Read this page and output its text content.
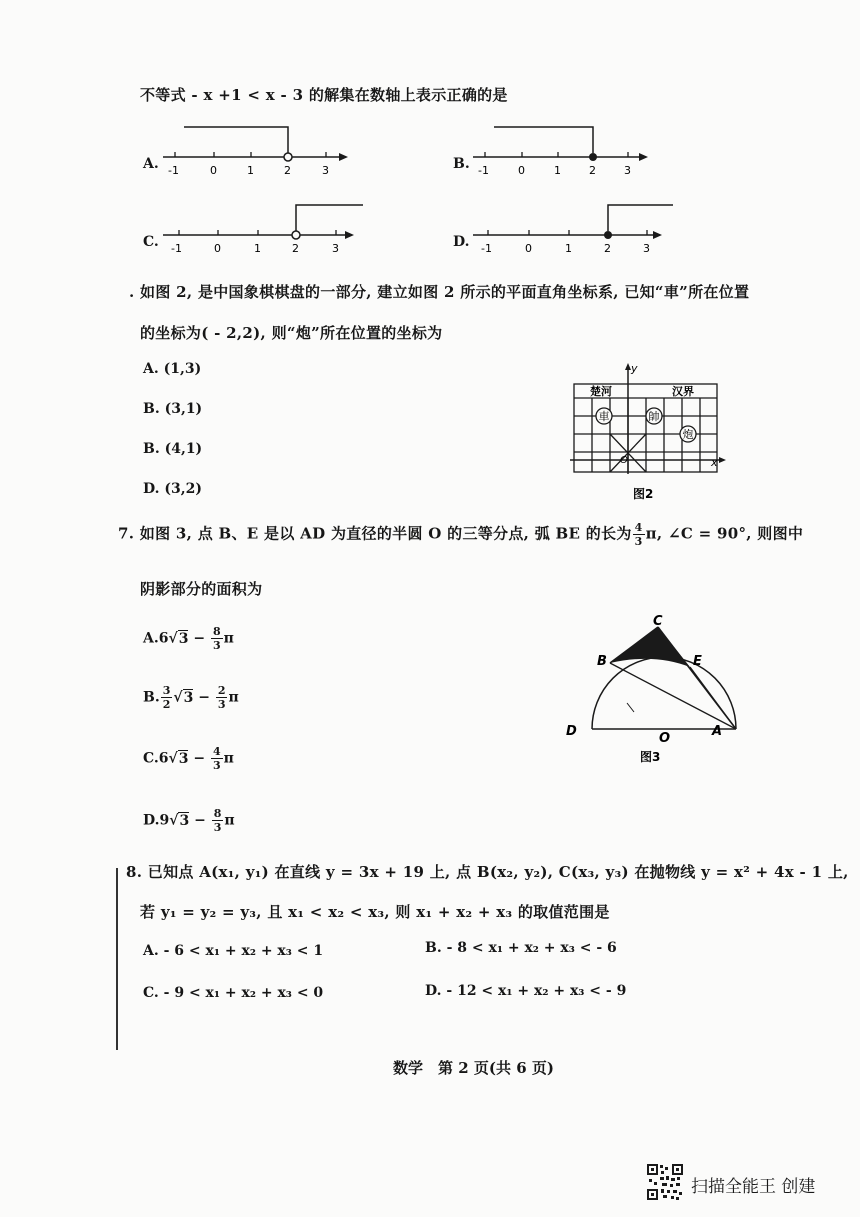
不等式 - x +1 < x - 3 的解集在数轴上表示正确的是
A. -1	0	1	2	3	B. -1	0	1	2	3
C. -1	0	1	2	3	D. -1	0	1	2	3
. 如图 2, 是中国象棋棋盘的一部分, 建立如图 2 所示的平面直角坐标系, 已知“車”所在位置
的坐标为( - 2,2), 则“炮”所在位置的坐标为
A. (1,3)
B. (3,1)
B. (4,1)
D. (3,2)
y
x
O
楚河	汉界
車	帥
炮
图2
7. 如图 3, 点 B、E 是以 AD 为直径的半圆 O 的三等分点, 弧 BE 的长为 $\frac{4}{3} \pi$, ∠C = 90°, 则图中
阴影部分的面积为
$A.6√3 - \frac{8}{3}$ π
B. $\frac{3}{2} √3 - \frac{2}{3}$ π
$C.6√3 - \frac{4}{3}$ π
$D.9√3 - \frac{8}{3}$ π
C
B	E
D	O	A
图3
8. 已知点 A(x₁, y₁) 在直线 y = 3x + 19 上, 点 B(x₂, y₂), C(x₃, y₃) 在抛物线 y = x² + 4x - 1 上,
若 y₁ = y₂ = y₃, 且 x₁ < x₂ < x₃, 则 x₁ + x₂ + x₃ 的取值范围是
A. - 6 < x₁ + x₂ + x₃ < 1	B. - 8 < x₁ + x₂ + x₃ < - 6
C. - 9 < x₁ + x₂ + x₃ < 0	D. - 12 < x₁ + x₂ + x₃ < - 9
数学　第 2 页(共 6 页)
扫描全能王 创建
